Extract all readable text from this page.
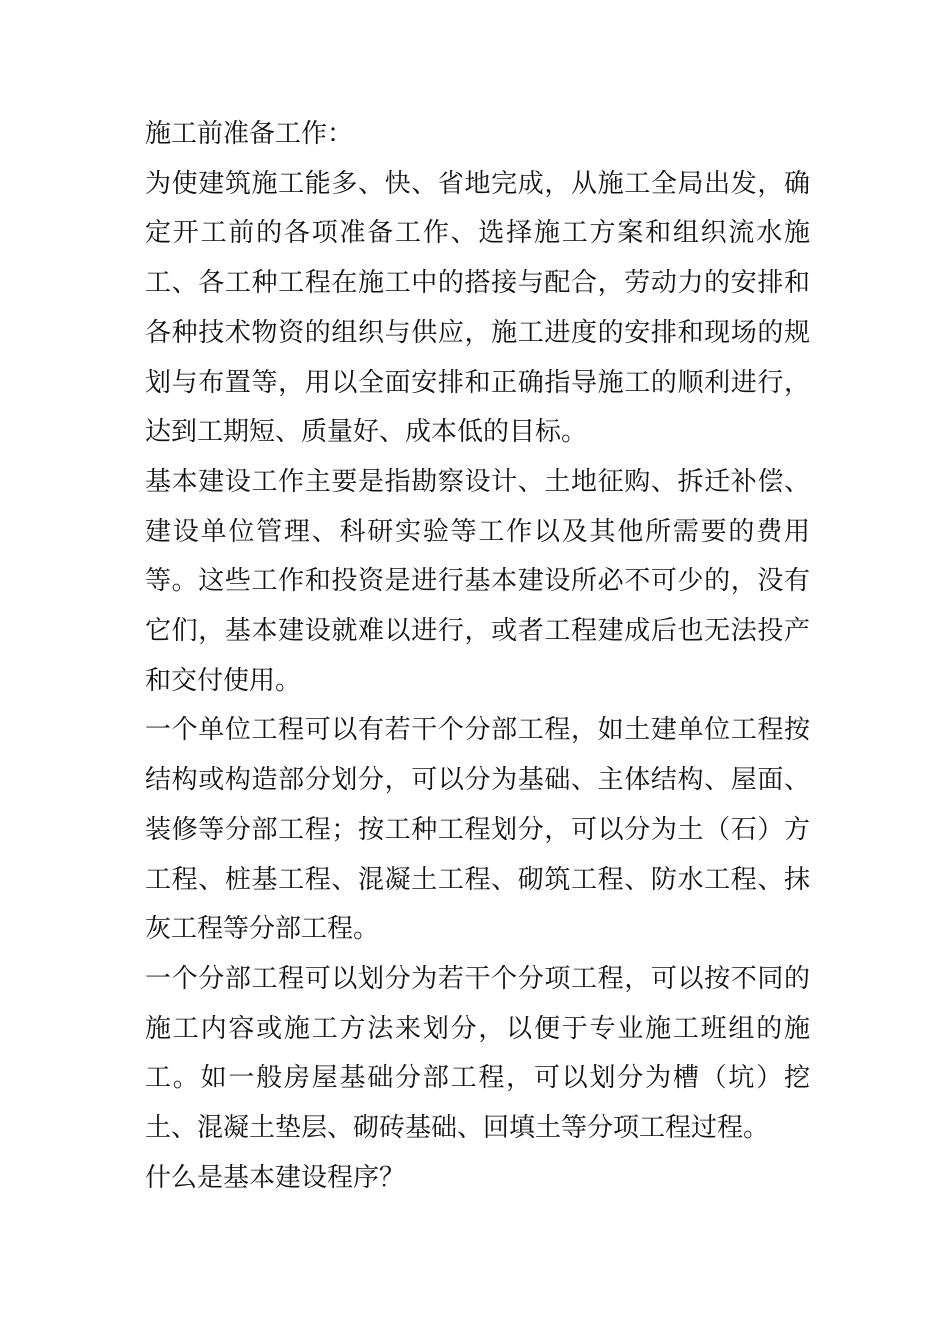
施工前准备工作：

为使建筑施工能多、快、省地完成，从施工全局出发，确定开工前的各项准备工作、选择施工方案和组织流水施工、各工种工程在施工中的搭接与配合，劳动力的安排和各种技术物资的组织与供应，施工进度的安排和现场的规划与布置等，用以全面安排和正确指导施工的顺利进行，达到工期短、质量好、成本低的目标。

基本建设工作主要是指勘察设计、土地征购、拆迁补偿、建设单位管理、科研实验等工作以及其他所需要的费用等。这些工作和投资是进行基本建设所必不可少的，没有它们，基本建设就难以进行，或者工程建成后也无法投产和交付使用。

一个单位工程可以有若干个分部工程，如土建单位工程按结构或构造部分划分，可以分为基础、主体结构、屋面、装修等分部工程；按工种工程划分，可以分为土（石）方工程、桩基工程、混凝土工程、砌筑工程、防水工程、抹灰工程等分部工程。

一个分部工程可以划分为若干个分项工程，可以按不同的施工内容或施工方法来划分，以便于专业施工班组的施工。如一般房屋基础分部工程，可以划分为槽（坑）挖土、混凝土垫层、砌砖基础、回填土等分项工程过程。

什么是基本建设程序？
